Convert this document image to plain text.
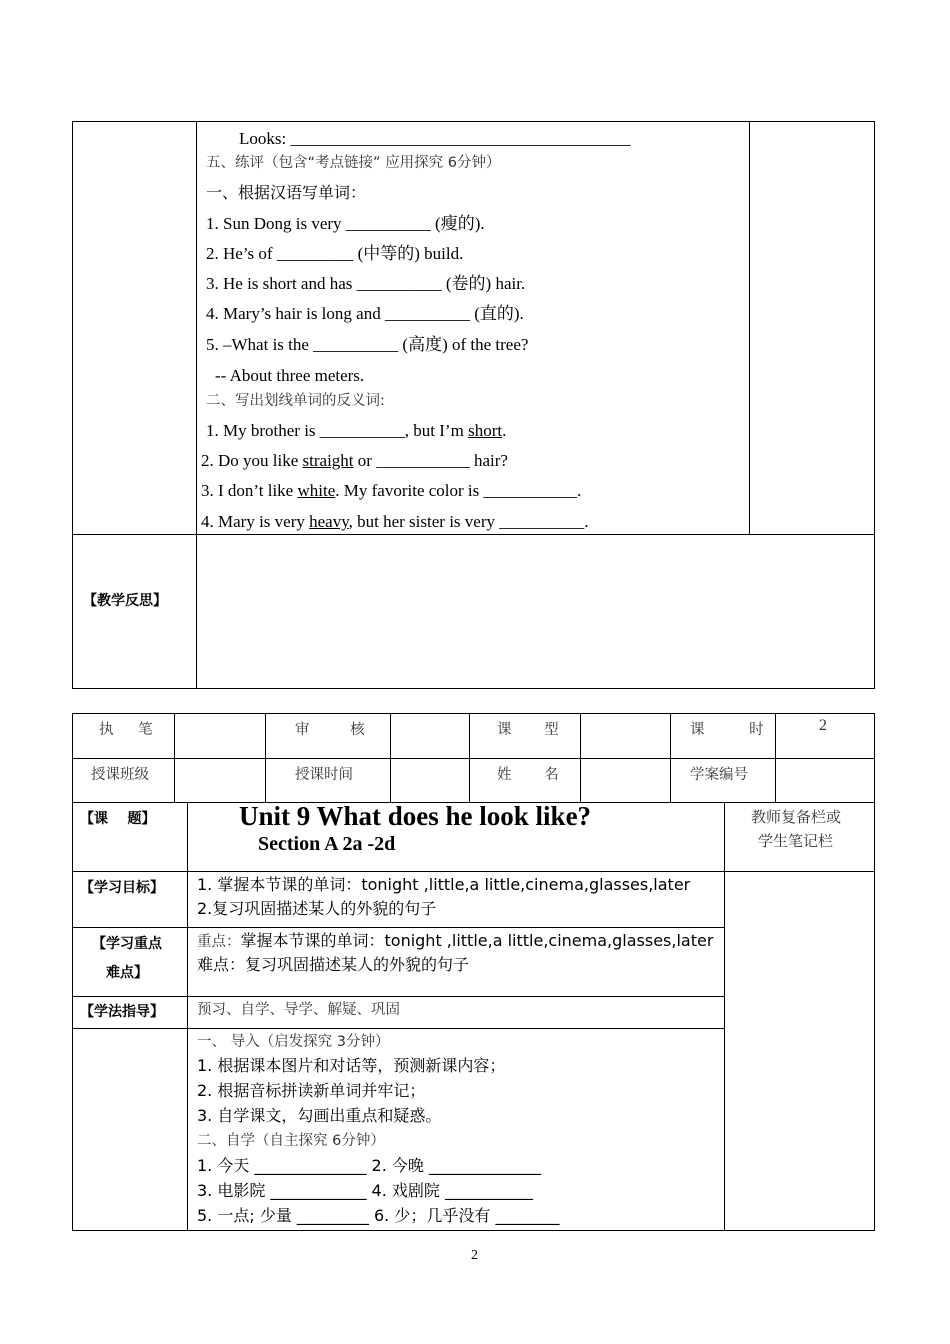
Looks: ________________________________________
五、练评（包含“考点链接” 应用探究 6分钟）
一、根据汉语写单词：
1. Sun Dong is very __________ (瘦的).
2. He’s of _________ (中等的) build.
3. He is short and has __________ (卷的) hair.
4. Mary’s hair is long and __________ (直的).
5. –What is the __________ (高度) of the tree?
-- About three meters.
二、写出划线单词的反义词:
1. My brother is __________, but I’m short.
2. Do you like straight or ___________ hair?
3. I don’t like white. My favorite color is ___________.
4. Mary is very heavy, but her sister is very __________.
【教学反思】
执 笔	审 核	课 型	课 时 2
授课班级	授课时间	姓 名	学案编号
【课    题】	Unit 9 What does he look like?
Section A 2a -2d
教师复备栏或
学生笔记栏
【学习目标】 1. 掌握本节课的单词：tonight ,little,a little,cinema,glasses,later
2.复习巩固描述某人的外貌的句子
【学习重点
难点】
重点：掌握本节课的单词：tonight ,little,a little,cinema,glasses,later
难点：复习巩固描述某人的外貌的句子
【学法指导】 预习、自学、导学、解疑、巩固
一、 导入（启发探究 3分钟）
1. 根据课本图片和对话等，预测新课内容；
2. 根据音标拼读新单词并牢记；
3. 自学课文，勾画出重点和疑惑。
二、自学（自主探究 6分钟）
1. 今天 ______________ 2. 今晚 ______________
3. 电影院 ____________ 4. 戏剧院 ___________
5. 一点; 少量 _________ 6. 少；几乎没有 ________
2
